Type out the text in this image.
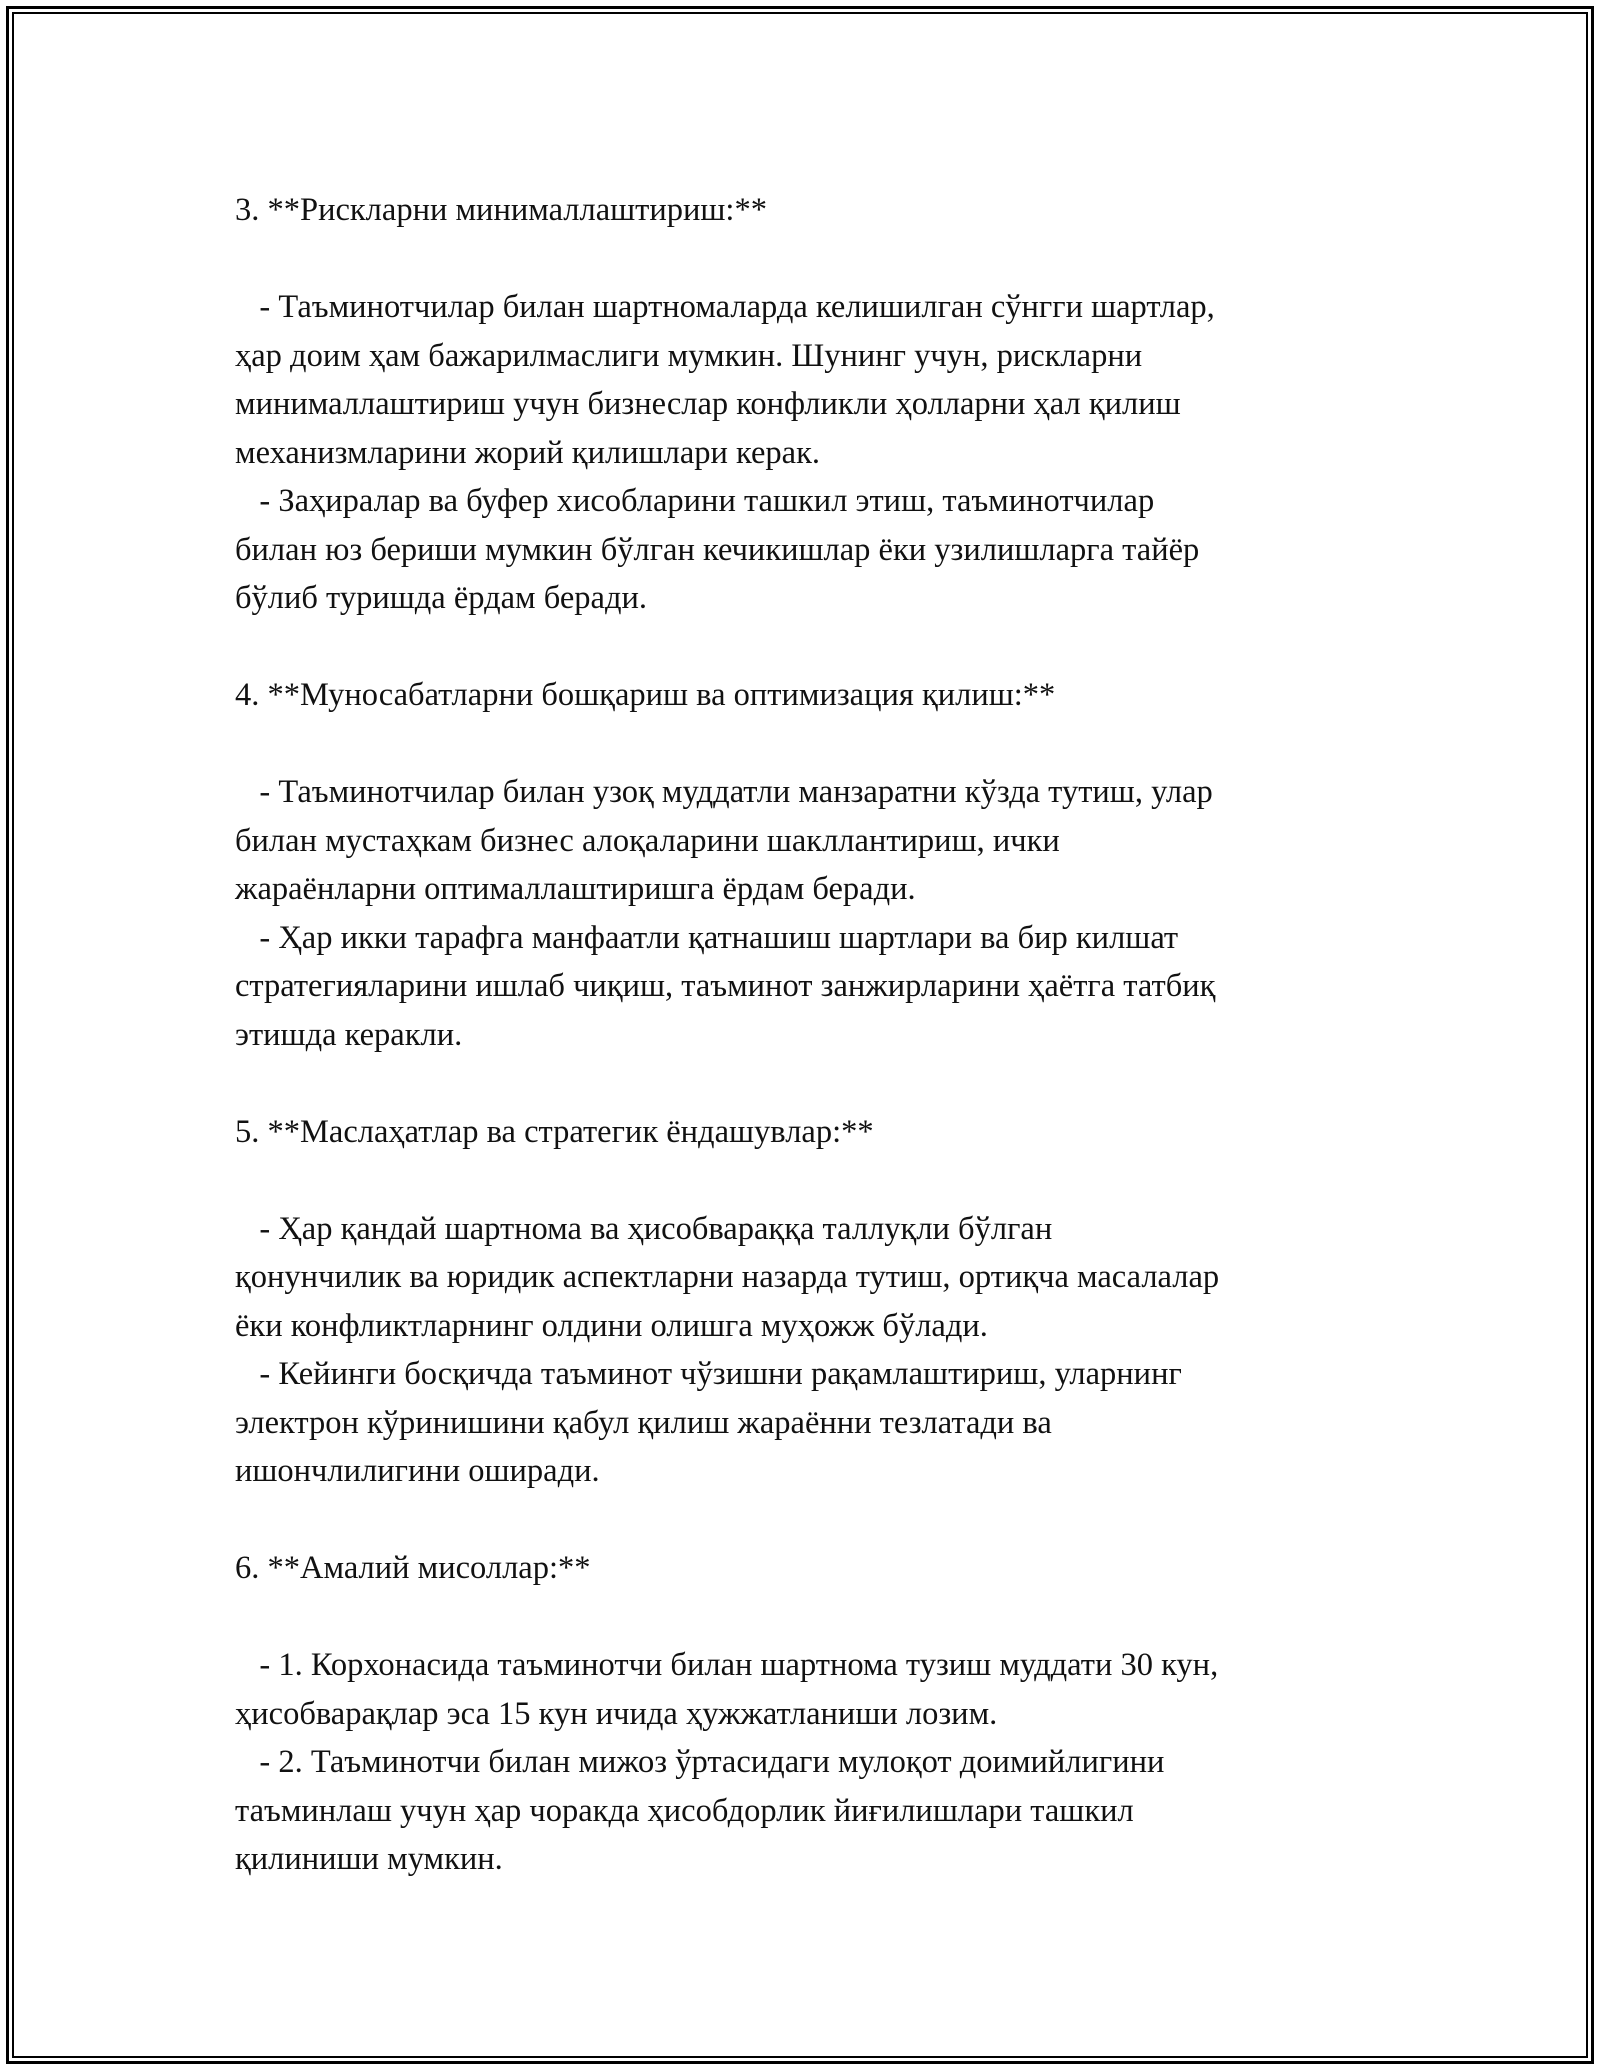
3. **Рискларни минималлаштириш:**
- Таъминотчилар билан шартномаларда келишилган сўнгги шартлар,
ҳар доим ҳам бажарилмаслиги мумкин. Шунинг учун, рискларни
минималлаштириш учун бизнеслар конфликли ҳолларни ҳал қилиш
механизмларини жорий қилишлари керак.
- Заҳиралар ва буфер хисобларини ташкил этиш, таъминотчилар
билан юз бериши мумкин бўлган кечикишлар ёки узилишларга тайёр
бўлиб туришда ёрдам беради.
4. **Муносабатларни бошқариш ва оптимизация қилиш:**
- Таъминотчилар билан узоқ муддатли манзаратни кўзда тутиш, улар
билан мустаҳкам бизнес алоқаларини шакллантириш, ички
жараёнларни оптималлаштиришга ёрдам беради.
- Ҳар икки тарафга манфаатли қатнашиш шартлари ва бир килшат
стратегияларини ишлаб чиқиш, таъминот занжирларини ҳаётга татбиқ
этишда керакли.
5. **Маслаҳатлар ва стратегик ёндашувлар:**
- Ҳар қандай шартнома ва ҳисобвараққа таллуқли бўлган
қонунчилик ва юридик аспектларни назарда тутиш, ортиқча масалалар
ёки конфликтларнинг олдини олишга муҳожж бўлади.
- Кейинги босқичда таъминот чўзишни рақамлаштириш, уларнинг
электрон кўринишини қабул қилиш жараённи тезлатади ва
ишончлилигини оширади.
6. **Амалий мисоллар:**
- 1. Корхонасида таъминотчи билан шартнома тузиш муддати 30 кун,
ҳисобварақлар эса 15 кун ичида ҳужжатланиши лозим.
- 2. Таъминотчи билан мижоз ўртасидаги мулоқот доимийлигини
таъминлаш учун ҳар чоракда ҳисобдорлик йиғилишлари ташкил
қилиниши мумкин.
